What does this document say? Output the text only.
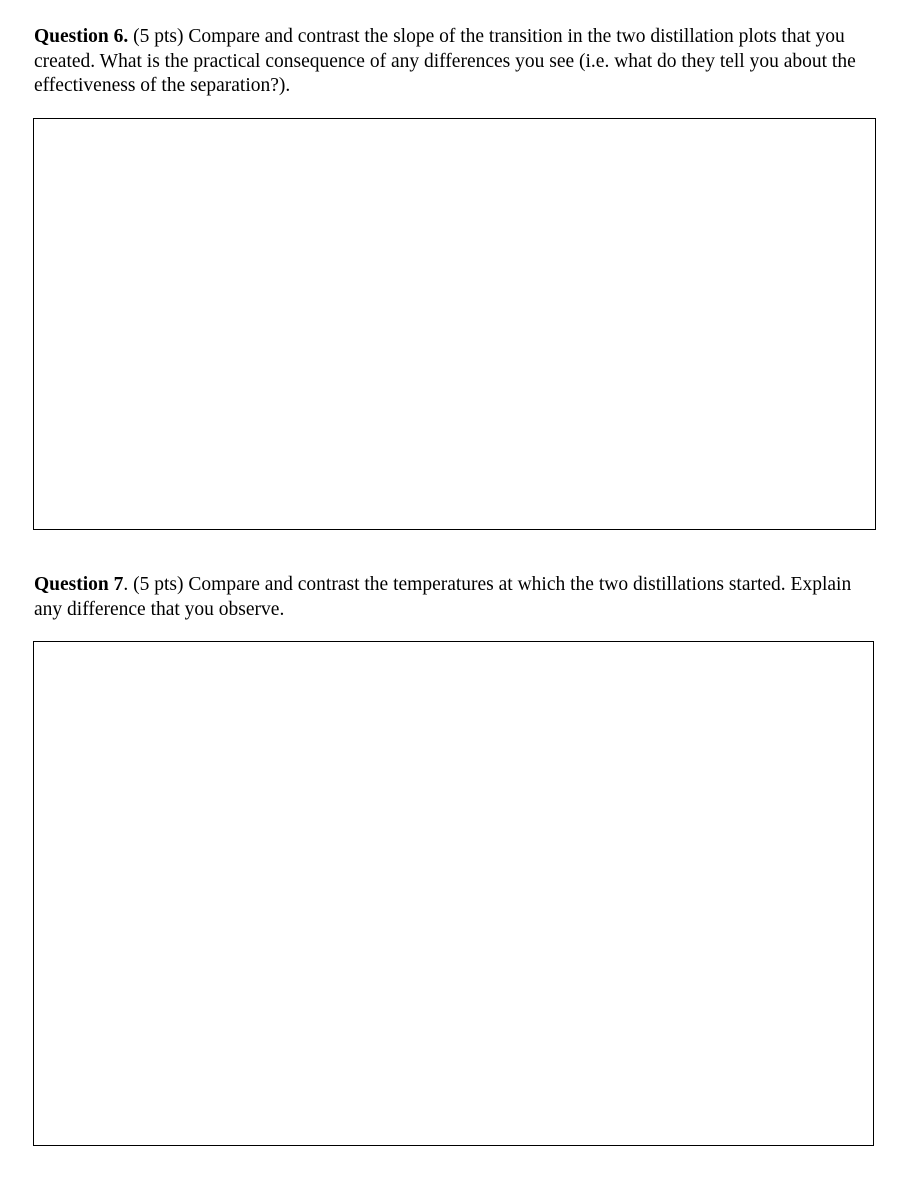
Question 6. (5 pts) Compare and contrast the slope of the transition in the two distillation plots that you created. What is the practical consequence of any differences you see (i.e. what do they tell you about the effectiveness of the separation?).

Question 7. (5 pts) Compare and contrast the temperatures at which the two distillations started. Explain any difference that you observe.
